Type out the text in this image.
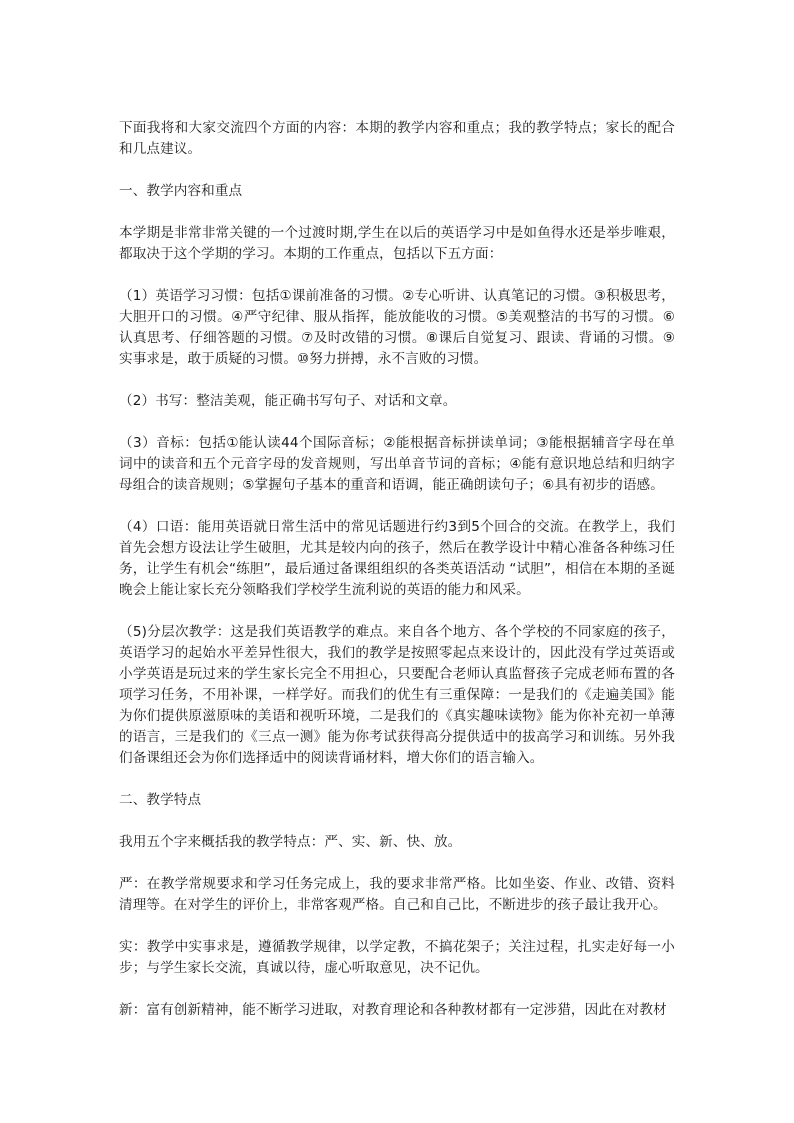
下面我将和大家交流四个方面的内容：本期的教学内容和重点；我的教学特点；家长的配合和几点建议。

一、教学内容和重点

本学期是非常非常关键的一个过渡时期,学生在以后的英语学习中是如鱼得水还是举步唯艰，都取决于这个学期的学习。本期的工作重点，包括以下五方面：

（1）英语学习习惯：包括①课前准备的习惯。②专心听讲、认真笔记的习惯。③积极思考，大胆开口的习惯。④严守纪律、服从指挥，能放能收的习惯。⑤美观整洁的书写的习惯。⑥认真思考、仔细答题的习惯。⑦及时改错的习惯。⑧课后自觉复习、跟读、背诵的习惯。⑨实事求是，敢于质疑的习惯。⑩努力拼搏，永不言败的习惯。

（2）书写：整洁美观，能正确书写句子、对话和文章。

（3）音标：包括①能认读44个国际音标；②能根据音标拼读单词；③能根据辅音字母在单词中的读音和五个元音字母的发音规则，写出单音节词的音标；④能有意识地总结和归纳字母组合的读音规则；⑤掌握句子基本的重音和语调，能正确朗读句子；⑥具有初步的语感。

（4）口语：能用英语就日常生活中的常见话题进行约3到5个回合的交流。在教学上，我们首先会想方设法让学生破胆，尤其是较内向的孩子，然后在教学设计中精心准备各种练习任务，让学生有机会“练胆”，最后通过备课组组织的各类英语活动 “试胆”，相信在本期的圣诞晚会上能让家长充分领略我们学校学生流利说的英语的能力和风采。

（5)分层次教学：这是我们英语教学的难点。来自各个地方、各个学校的不同家庭的孩子，英语学习的起始水平差异性很大，我们的教学是按照零起点来设计的，因此没有学过英语或小学英语是玩过来的学生家长完全不用担心，只要配合老师认真监督孩子完成老师布置的各项学习任务，不用补课，一样学好。而我们的优生有三重保障：一是我们的《走遍美国》能为你们提供原滋原味的美语和视听环境，二是我们的《真实趣味读物》能为你补充初一单薄的语言，三是我们的《三点一测》能为你考试获得高分提供适中的拔高学习和训练。另外我们备课组还会为你们选择适中的阅读背诵材料，增大你们的语言输入。

二、教学特点

我用五个字来概括我的教学特点：严、实、新、快、放。

严：在教学常规要求和学习任务完成上，我的要求非常严格。比如坐姿、作业、改错、资料清理等。在对学生的评价上，非常客观严格。自己和自己比，不断进步的孩子最让我开心。

实：教学中实事求是，遵循教学规律，以学定教，不搞花架子；关注过程，扎实走好每一小步；与学生家长交流，真诚以待，虚心听取意见，决不记仇。

新：富有创新精神，能不断学习进取，对教育理论和各种教材都有一定涉猎，因此在对教材
